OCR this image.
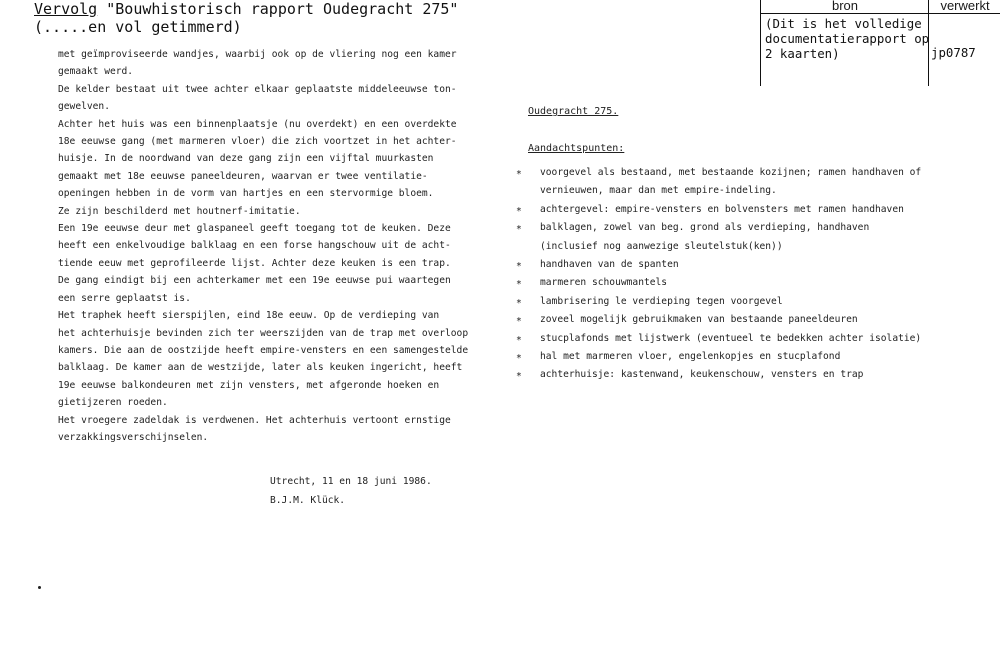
Vervolg "Bouwhistorisch rapport Oudegracht 275"
(.....en vol getimmerd)
met geïmproviseerde wandjes, waarbij ook op de vliering nog een kamer
gemaakt werd.
De kelder bestaat uit twee achter elkaar geplaatste middeleeuwse ton-
gewelven.
Achter het huis was een binnenplaatsje (nu overdekt) en een overdekte
18e eeuwse gang (met marmeren vloer) die zich voortzet in het achter-
huisje. In de noordwand van deze gang zijn een vijftal muurkasten
gemaakt met 18e eeuwse paneeldeuren, waarvan er twee ventilatie-
openingen hebben in de vorm van hartjes en een stervormige bloem.
Ze zijn beschilderd met houtnerf-imitatie.
Een 19e eeuwse deur met glaspaneel geeft toegang tot de keuken. Deze
heeft een enkelvoudige balklaag en een forse hangschouw uit de acht-
tiende eeuw met geprofileerde lijst. Achter deze keuken is een trap.
De gang eindigt bij een achterkamer met een 19e eeuwse pui waartegen
een serre geplaatst is.
Het traphek heeft sierspijlen, eind 18e eeuw. Op de verdieping van
het achterhuisje bevinden zich ter weerszijden van de trap met overloop
kamers. Die aan de oostzijde heeft empire-vensters en een samengestelde
balklaag. De kamer aan de westzijde, later als keuken ingericht, heeft
19e eeuwse balkondeuren met zijn vensters, met afgeronde hoeken en
gietijzeren roeden.
Het vroegere zadeldak is verdwenen. Het achterhuis vertoont ernstige
verzakkingsverschijnselen.
Utrecht, 11 en 18 juni 1986.
B.J.M. Klück.
bron
(Dit is het volledige
documentatierapport op
2 kaarten)
verwerkt
jp0787
Oudegracht 275.
Aandachtspunten:
* voorgevel als bestaand, met bestaande kozijnen; ramen handhaven of
vernieuwen, maar dan met empire-indeling.
* achtergevel: empire-vensters en bolvensters met ramen handhaven
* balklagen, zowel van beg. grond als verdieping, handhaven
(inclusief nog aanwezige sleutelstuk(ken))
* handhaven van de spanten
* marmeren schouwmantels
* lambrisering le verdieping tegen voorgevel
* zoveel mogelijk gebruikmaken van bestaande paneeldeuren
* stucplafonds met lijstwerk (eventueel te bedekken achter isolatie)
* hal met marmeren vloer, engelenkopjes en stucplafond
* achterhuisje: kastenwand, keukenschouw, vensters en trap
